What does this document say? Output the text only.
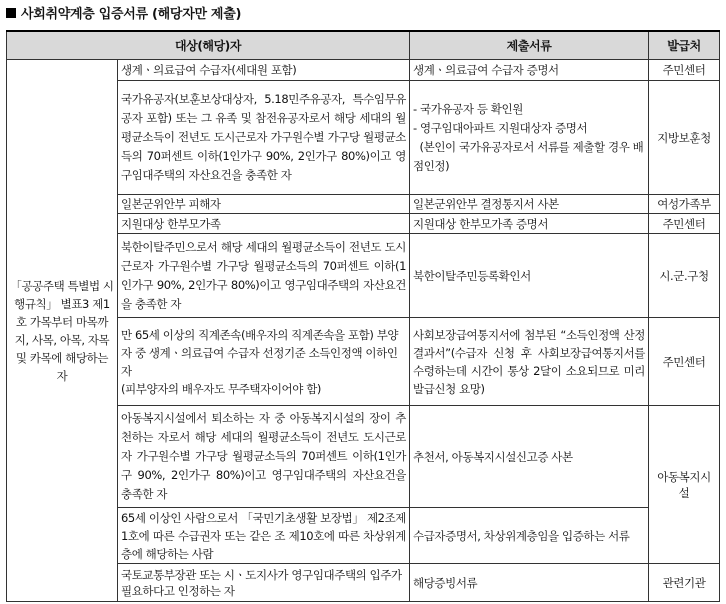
사회취약계층 입증서류 (해당자만 제출)
대상(해당)자		제출서류	발급처
「공공주택 특별법 시행규칙」 별표3 제1호 가목부터 마목까지, 사목, 아목, 자목 및 카목에 해당하는 자	생계ㆍ의료급여 수급자(세대원 포함)	생계ㆍ의료급여 수급자 증명서	주민센터
	국가유공자(보훈보상대상자, 5.18민주유공자, 특수임무유공자 포함) 또는 그 유족 및 참전유공자로서 해당 세대의 월평균소득이 전년도 도시근로자 가구원수별 가구당 월평균소득의 70퍼센트 이하(1인가구 90%, 2인가구 80%)이고 영구임대주택의 자산요건을 충족한 자	- 국가유공자 등 확인원
- 영구임대아파트 지원대상자 증명서
(본인이 국가유공자로서 서류를 제출할 경우 배점인정)	지방보훈청
	일본군위안부 피해자	일본군위안부 결정통지서 사본	여성가족부
	지원대상 한부모가족	지원대상 한부모가족 증명서	주민센터
	북한이탈주민으로서 해당 세대의 월평균소득이 전년도 도시근로자 가구원수별 가구당 월평균소득의 70퍼센트 이하(1인가구 90%, 2인가구 80%)이고 영구임대주택의 자산요건을 충족한 자	북한이탈주민등록확인서	시.군.구청
	만 65세 이상의 직계존속(배우자의 직계존속을 포함) 부양자 중 생계ㆍ의료급여 수급자 선정기준 소득인정액 이하인 자
(피부양자의 배우자도 무주택자이어야 함)	사회보장급여통지서에 첨부된 “소득인정액 산정결과서”(수급자 신청 후 사회보장급여통지서를 수령하는데 시간이 통상 2달이 소요되므로 미리 발급신청 요망)	주민센터
	아동복지시설에서 퇴소하는 자 중 아동복지시설의 장이 추천하는 자로서 해당 세대의 월평균소득이 전년도 도시근로자 가구원수별 가구당 월평균소득의 70퍼센트 이하(1인가구 90%, 2인가구 80%)이고 영구임대주택의 자산요건을 충족한 자	추천서, 아동복지시설신고증 사본	아동복지시설
	65세 이상인 사람으로서 「국민기초생활 보장법」 제2조제1호에 따른 수급권자 또는 같은 조 제10호에 따른 차상위계층에 해당하는 사람	수급자증명서, 차상위계층임을 입증하는 서류	
	국토교통부장관 또는 시ㆍ도지사가 영구임대주택의 입주가 필요하다고 인정하는 자	해당증빙서류	관련기관
